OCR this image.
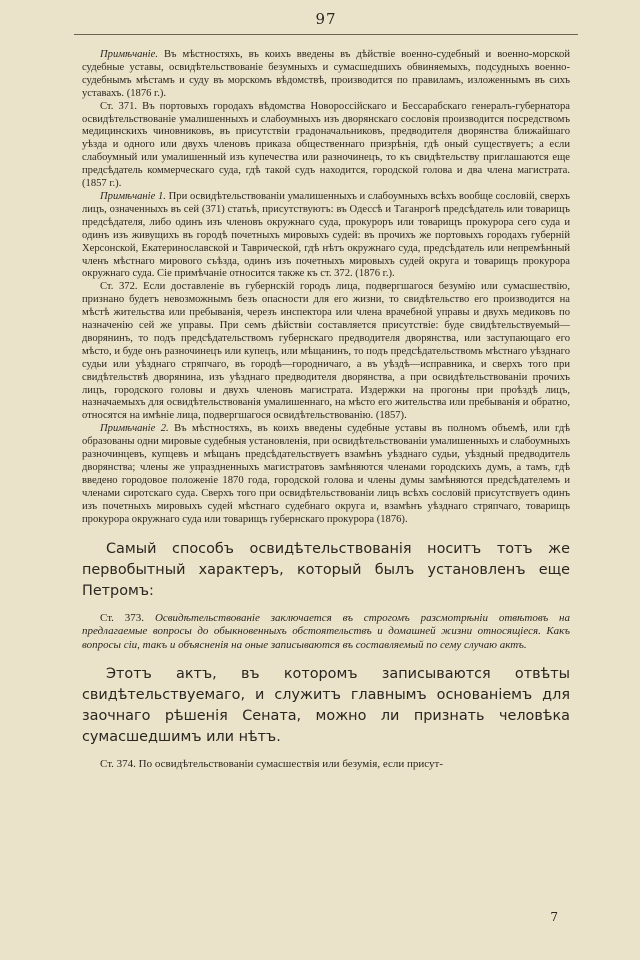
97

Примѣчаніе. Въ мѣстностяхъ, въ коихъ введены въ дѣйствіе военно-судебный и военно-морской судебные уставы, освидѣтельствованіе безумныхъ и сумасшедшихъ обвиняемыхъ, подсудныхъ военно-судебнымъ мѣстамъ и суду въ морскомъ вѣдомствѣ, производится по правиламъ, изложеннымъ въ сихъ уставахъ. (1876 г.).

Ст. 371. Въ портовыхъ городахъ вѣдомства Новороссійскаго и Бессарабскаго генералъ-губернатора освидѣтельствованіе умалишенныхъ и слабоумныхъ изъ дворянскаго сословія производится посредствомъ медицинскихъ чиновниковъ, въ присутствіи градоначальниковъ, предводителя дворянства ближайшаго уѣзда и одного или двухъ членовъ приказа общественнаго призрѣнія, гдѣ оный существуетъ; а если слабоумный или умалишенный изъ купечества или разночинецъ, то къ свидѣтельству приглашаются еще предсѣдатель коммерческаго суда, гдѣ такой судъ находится, городской голова и два члена магистрата. (1857 г.).

Примѣчаніе 1. При освидѣтельствованіи умалишенныхъ и слабоумныхъ всѣхъ вообще сословій, сверхъ лицъ, означенныхъ въ сей (371) статьѣ, присутствуютъ: въ Одессѣ и Таганрогѣ предсѣдатель или товарищъ предсѣдателя, либо одинъ изъ членовъ окружнаго суда, прокуроръ или товарищъ прокурора сего суда и одинъ изъ живущихъ въ городѣ почетныхъ мировыхъ судей: въ прочихъ же портовыхъ городахъ губерній Херсонской, Екатеринославской и Таврической, гдѣ нѣтъ окружнаго суда, предсѣдатель или непремѣнный членъ мѣстнаго мирового съѣзда, одинъ изъ почетныхъ мировыхъ судей округа и товарищъ прокурора окружнаго суда. Сіе примѣчаніе относится также къ ст. 372. (1876 г.).

Ст. 372. Если доставленіе въ губернскій городъ лица, подвергшагося безумію или сумасшествію, признано будетъ невозможнымъ безъ опасности для его жизни, то свидѣтельство его производится на мѣстѣ жительства или пребыванія, черезъ инспектора или члена врачебной управы и двухъ медиковъ по назначенію сей же управы. При семъ дѣйствіи составляется присутствіе: буде свидѣтельствуемый—дворянинъ, то подъ предсѣдательствомъ губернскаго предводителя дворянства, или заступающаго его мѣсто, и буде онъ разночинецъ или купецъ, или мѣщанинъ, то подъ предсѣдательствомъ мѣстнаго уѣзднаго судьи или уѣзднаго стряпчаго, въ городѣ—городничаго, а въ уѣздѣ—исправника, и сверхъ того при свидѣтельствѣ дворянина, изъ уѣзднаго предводителя дворянства, а при освидѣтельствованіи прочихъ лицъ, городского головы и двухъ членовъ магистрата. Издержки на прогоны при проѣздѣ лицъ, назначаемыхъ для освидѣтельствованія умалишеннаго, на мѣсто его жительства или пребыванія и обратно, относятся на имѣніе лица, подвергшагося освидѣтельствованію. (1857).

Примѣчаніе 2. Въ мѣстностяхъ, въ коихъ введены судебные уставы въ полномъ объемѣ, или гдѣ образованы одни мировые судебныя установленія, при освидѣтельствованіи умалишенныхъ и слабоумныхъ разночинцевъ, купцевъ и мѣщанъ предсѣдательствуетъ взамѣнъ уѣзднаго судьи, уѣздный предводитель дворянства; члены же упраздненныхъ магистратовъ замѣняются членами городскихъ думъ, а тамъ, гдѣ введено городовое положеніе 1870 года, городской голова и члены думы замѣняются предсѣдателемъ и членами сиротскаго суда. Сверхъ того при освидѣтельствованіи лицъ всѣхъ сословій присутствуетъ одинъ изъ почетныхъ мировыхъ судей мѣстнаго судебнаго округа и, взамѣнъ уѣзднаго стряпчаго, товарищъ прокурора окружнаго суда или товарищъ губернскаго прокурора (1876).

Самый способъ освидѣтельствованія носитъ тотъ же первобытный характеръ, который былъ установленъ еще Петромъ:

Ст. 373. Освидѣтельствованіе заключается въ строгомъ разсмотрѣніи отвѣтовъ на предлагаемые вопросы до обыкновенныхъ обстоятельствъ и домашней жизни относящіеся. Какъ вопросы сіи, такъ и объясненія на оные записываются въ составляемый по сему случаю актъ.

Этотъ актъ, въ которомъ записываются отвѣты свидѣтельствуемаго, и служитъ главнымъ основаніемъ для заочнаго рѣшенія Сената, можно ли признать человѣка сумасшедшимъ или нѣтъ.

Ст. 374. По освидѣтельствованіи сумасшествія или безумія, если присут-

7
